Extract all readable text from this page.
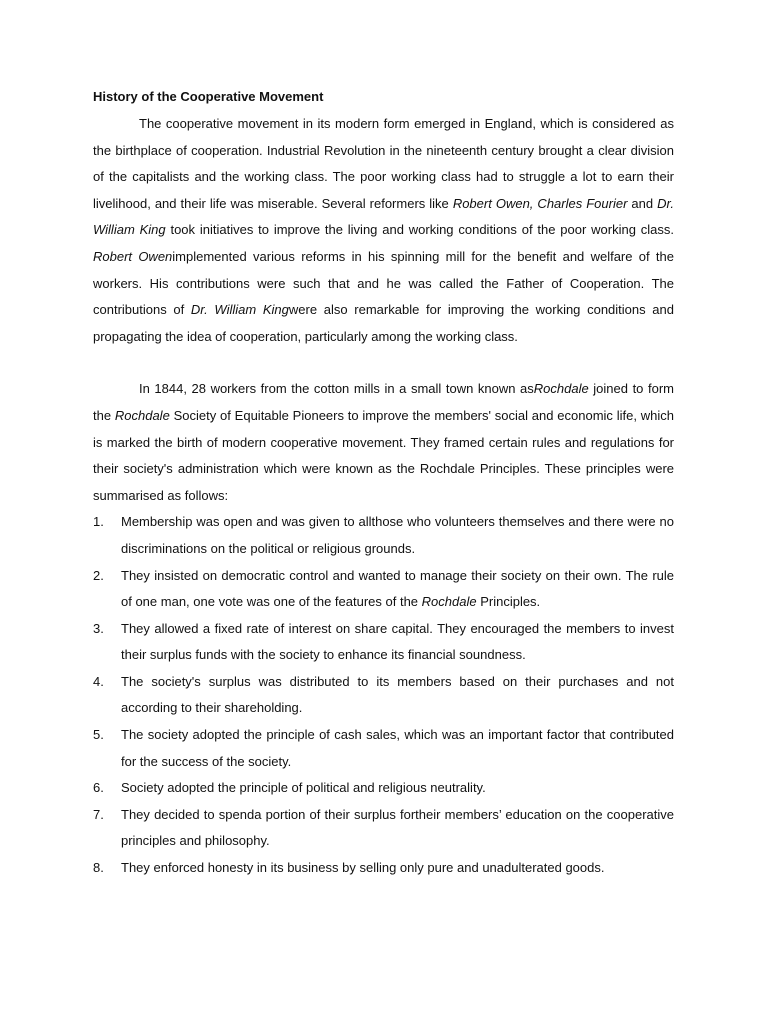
History of the Cooperative Movement

The cooperative movement in its modern form emerged in England, which is considered as the birthplace of cooperation. Industrial Revolution in the nineteenth century brought a clear division of the capitalists and the working class. The poor working class had to struggle a lot to earn their livelihood, and their life was miserable. Several reformers like Robert Owen, Charles Fourier and Dr. William King took initiatives to improve the living and working conditions of the poor working class. Robert Owenimplemented various reforms in his spinning mill for the benefit and welfare of the workers. His contributions were such that and he was called the Father of Cooperation. The contributions of Dr. William Kingwere also remarkable for improving the working conditions and propagating the idea of cooperation, particularly among the working class.

In 1844, 28 workers from the cotton mills in a small town known asRochdale joined to form the Rochdale Society of Equitable Pioneers to improve the members' social and economic life, which is marked the birth of modern cooperative movement. They framed certain rules and regulations for their society's administration which were known as the Rochdale Principles. These principles were summarised as follows:

1. Membership was open and was given to allthose who volunteers themselves and there were no discriminations on the political or religious grounds.
2. They insisted on democratic control and wanted to manage their society on their own. The rule of one man, one vote was one of the features of the Rochdale Principles.
3. They allowed a fixed rate of interest on share capital. They encouraged the members to invest their surplus funds with the society to enhance its financial soundness.
4. The society's surplus was distributed to its members based on their purchases and not according to their shareholding.
5. The society adopted the principle of cash sales, which was an important factor that contributed for the success of the society.
6. Society adopted the principle of political and religious neutrality.
7. They decided to spenda portion of their surplus fortheir members’ education on the cooperative principles and philosophy.
8. They enforced honesty in its business by selling only pure and unadulterated goods.
